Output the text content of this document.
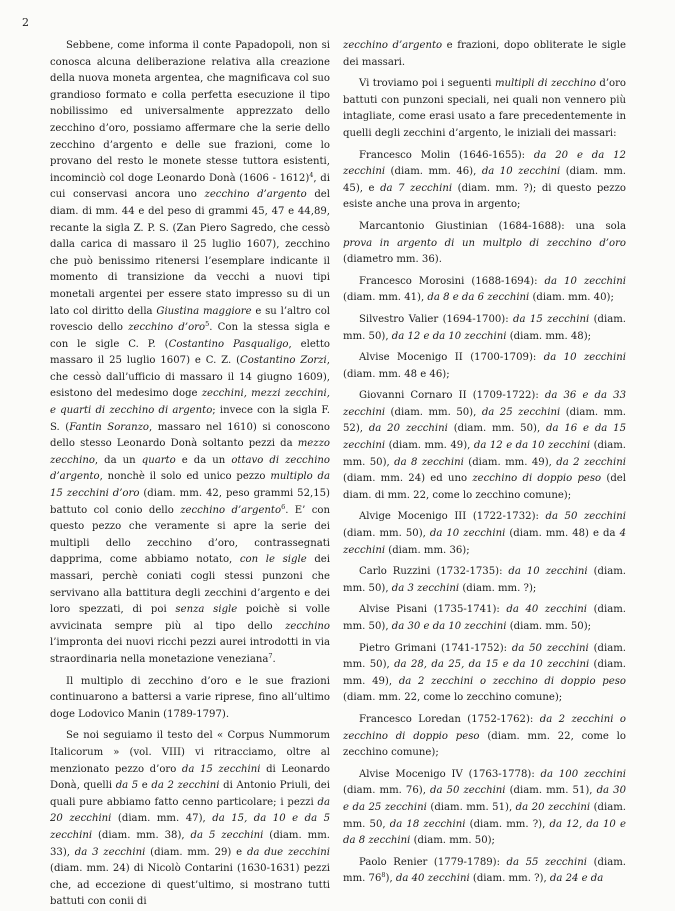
2

Sebbene, come informa il conte Papadopoli, non si conosca alcuna deliberazione relativa alla creazione della nuova moneta argentea, che magnificava col suo grandioso formato e colla perfetta esecuzione il tipo nobilissimo ed universalmente apprezzato dello zecchino d’oro, possiamo affermare che la serie dello zecchino d’argento e delle sue frazioni, come lo provano del resto le monete stesse tuttora esistenti, incominciò col doge Leonardo Donà (1606 - 1612)$^4$, di cui conservasi ancora uno zecchino d’argento del diam. di mm. 44 e del peso di grammi 45, 47 e 44,89, recante la sigla Z. P. S. (Zan Piero Sagredo, che cessò dalla carica di massaro il 25 luglio 1607), zecchino che può benissimo ritenersi l’esemplare indicante il momento di transizione da vecchi a nuovi tipi monetali argentei per essere stato impresso su di un lato col diritto della Giustina maggiore e su l’altro col rovescio dello zecchino d’oro$^5$. Con la stessa sigla e con le sigle C. P. (Costantino Pasqualigo, eletto massaro il 25 luglio 1607) e C. Z. (Costantino Zorzi, che cessò dall’ufficio di massaro il 14 giugno 1609), esistono del medesimo doge zecchini, mezzi zecchini, e quarti di zecchino di argento; invece con la sigla F. S. (Fantin Soranzo, massaro nel 1610) si conoscono dello stesso Leonardo Donà soltanto pezzi da mezzo zecchino, da un quarto e da un ottavo di zecchino d’argento, nonchè il solo ed unico pezzo multiplo da 15 zecchini d’oro (diam. mm. 42, peso grammi 52,15) battuto col conio dello zecchino d’argento$^6$. E’ con questo pezzo che veramente si apre la serie dei multipli dello zecchino d’oro, contrassegnati dapprima, come abbiamo notato, con le sigle dei massari, perchè coniati cogli stessi punzoni che servivano alla battitura degli zecchini d’argento e dei loro spezzati, di poi senza sigle poichè si volle avvicinata sempre più al tipo dello zecchino l’impronta dei nuovi ricchi pezzi aurei introdotti in via straordinaria nella monetazione veneziana$^7$.

Il multiplo di zecchino d’oro e le sue frazioni continuarono a battersi a varie riprese, fino all’ultimo doge Lodovico Manin (1789-1797).

Se noi seguiamo il testo del « Corpus Nummorum Italicorum » (vol. VIII) vi ritracciamo, oltre al menzionato pezzo d’oro da 15 zecchini di Leonardo Donà, quelli da 5 e da 2 zecchini di Antonio Priuli, dei quali pure abbiamo fatto cenno particolare; i pezzi da 20 zecchini (diam. mm. 47), da 15, da 10 e da 5 zecchini (diam. mm. 38), da 5 zecchini (diam. mm. 33), da 3 zecchini (diam. mm. 29) e da due zecchini (diam. mm. 24) di Nicolò Contarini (1630-1631) pezzi che, ad eccezione di quest’ultimo, si mostrano tutti battuti con conii di

zecchino d’argento e frazioni, dopo obliterate le sigle dei massari.

Vi troviamo poi i seguenti multipli di zecchino d’oro battuti con punzoni speciali, nei quali non vennero più intagliate, come erasi usato a fare precedentemente in quelli degli zecchini d’argento, le iniziali dei massari:

Francesco Molin (1646-1655): da 20 e da 12 zecchini (diam. mm. 46), da 10 zecchini (diam. mm. 45), e da 7 zecchini (diam. mm. ?); di questo pezzo esiste anche una prova in argento;

Marcantonio Giustinian (1684-1688): una sola prova in argento di un multplo di zecchino d’oro (diametro mm. 36).

Francesco Morosini (1688-1694): da 10 zecchini (diam. mm. 41), da 8 e da 6 zecchini (diam. mm. 40);

Silvestro Valier (1694-1700): da 15 zecchini (diam. mm. 50), da 12 e da 10 zecchini (diam. mm. 48);

Alvise Mocenigo II (1700-1709): da 10 zecchini (diam. mm. 48 e 46);

Giovanni Cornaro II (1709-1722): da 36 e da 33 zecchini (diam. mm. 50), da 25 zecchini (diam. mm. 52), da 20 zecchini (diam. mm. 50), da 16 e da 15 zecchini (diam. mm. 49), da 12 e da 10 zecchini (diam. mm. 50), da 8 zecchini (diam. mm. 49), da 2 zecchini (diam. mm. 24) ed uno zecchino di doppio peso (del diam. di mm. 22, come lo zecchino comune);

Alvige Mocenigo III (1722-1732): da 50 zecchini (diam. mm. 50), da 10 zecchini (diam. mm. 48) e da 4 zecchini (diam. mm. 36);

Carlo Ruzzini (1732-1735): da 10 zecchini (diam. mm. 50), da 3 zecchini (diam. mm. ?);

Alvise Pisani (1735-1741): da 40 zecchini (diam. mm. 50), da 30 e da 10 zecchini (diam. mm. 50);

Pietro Grimani (1741-1752): da 50 zecchini (diam. mm. 50), da 28, da 25, da 15 e da 10 zecchini (diam. mm. 49), da 2 zecchini o zecchino di doppio peso (diam. mm. 22, come lo zecchino comune);

Francesco Loredan (1752-1762): da 2 zecchini o zecchino di doppio peso (diam. mm. 22, come lo zecchino comune);

Alvise Mocenigo IV (1763-1778): da 100 zecchini (diam. mm. 76), da 50 zecchini (diam. mm. 51), da 30 e da 25 zecchini (diam. mm. 51), da 20 zecchini (diam. mm. 50, da 18 zecchini (diam. mm. ?), da 12, da 10 e da 8 zecchini (diam. mm. 50);

Paolo Renier (1779-1789): da 55 zecchini (diam. mm. $76^8$), da 40 zecchini (diam. mm. ?), da 24 e da
